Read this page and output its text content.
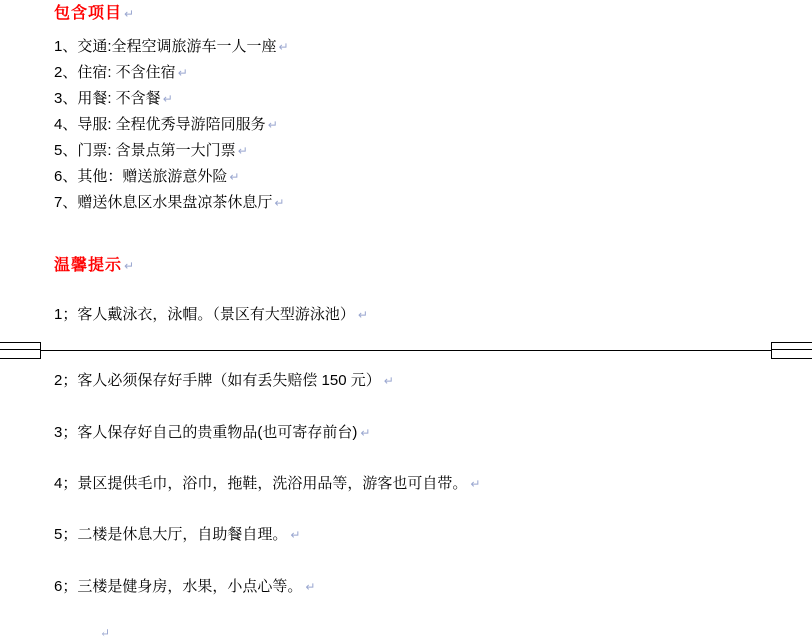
包含项目 ↵
1、交通:全程空调旅游车一人一座 ↵
2、住宿: 不含住宿 ↵
3、用餐: 不含餐 ↵
4、导服: 全程优秀导游陪同服务 ↵
5、门票: 含景点第一大门票 ↵
6、其他：赠送旅游意外险 ↵
7、赠送休息区水果盘凉茶休息厅 ↵
温馨提示 ↵
1；客人戴泳衣，泳帽。（景区有大型游泳池） ↵
2；客人必须保存好手牌（如有丢失赔偿 150 元） ↵
3；客人保存好自己的贵重物品(也可寄存前台) ↵
4；景区提供毛巾，浴巾，拖鞋，洗浴用品等，游客也可自带。 ↵
5；二楼是休息大厅，自助餐自理。 ↵
6；三楼是健身房，水果，小点心等。 ↵
↵
